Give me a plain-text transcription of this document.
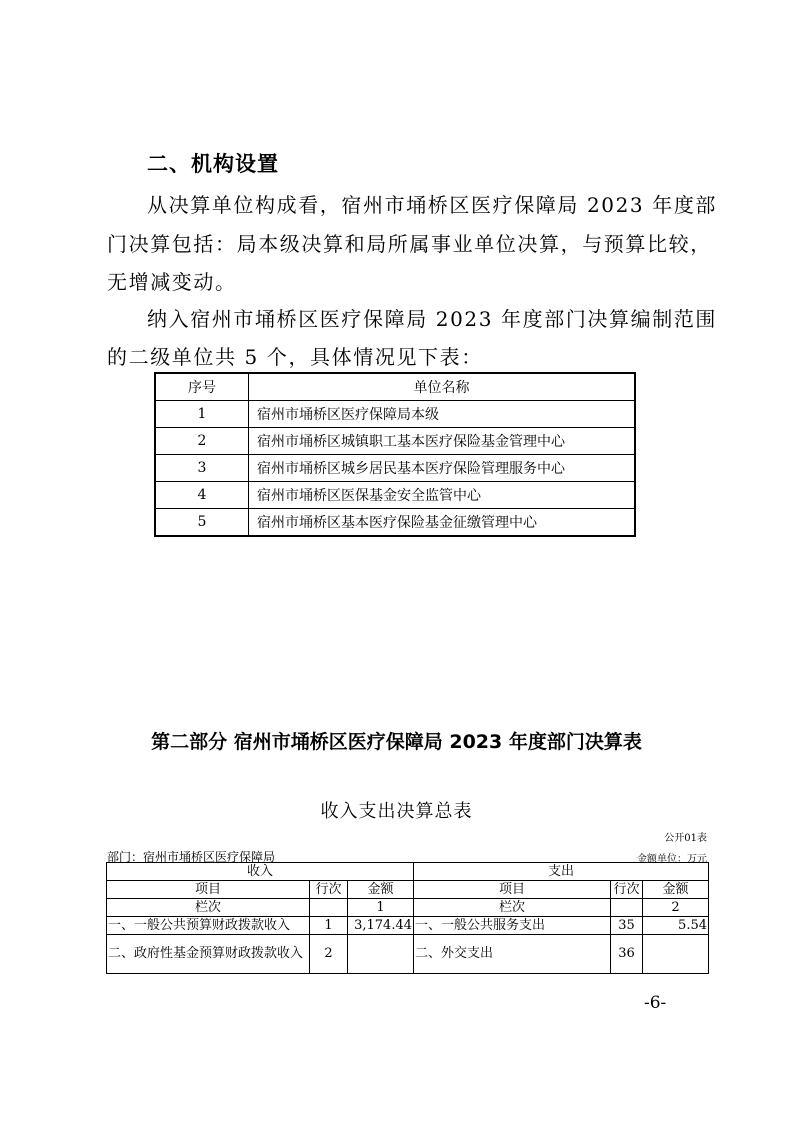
二、机构设置
从决算单位构成看，宿州市埇桥区医疗保障局 2023 年度部
门决算包括：局本级决算和局所属事业单位决算，与预算比较，
无增减变动。
纳入宿州市埇桥区医疗保障局 2023 年度部门决算编制范围
的二级单位共 5 个，具体情况见下表：
序号	单位名称
1	宿州市埇桥区医疗保障局本级
2	宿州市埇桥区城镇职工基本医疗保险基金管理中心
3	宿州市埇桥区城乡居民基本医疗保险管理服务中心
4	宿州市埇桥区医保基金安全监管中心
5	宿州市埇桥区基本医疗保险基金征缴管理中心
第二部分 宿州市埇桥区医疗保障局 2023 年度部门决算表
收入支出决算总表
公开01表
部门：宿州市埇桥区医疗保障局	金额单位：万元
收入			支出		
项目	行次	金额	项目	行次	金额
栏次		1	栏次		2
一、一般公共预算财政拨款收入	1	3,174.44	一、一般公共服务支出	35	5.54
二、政府性基金预算财政拨款收入	2		二、外交支出	36	
-6-
